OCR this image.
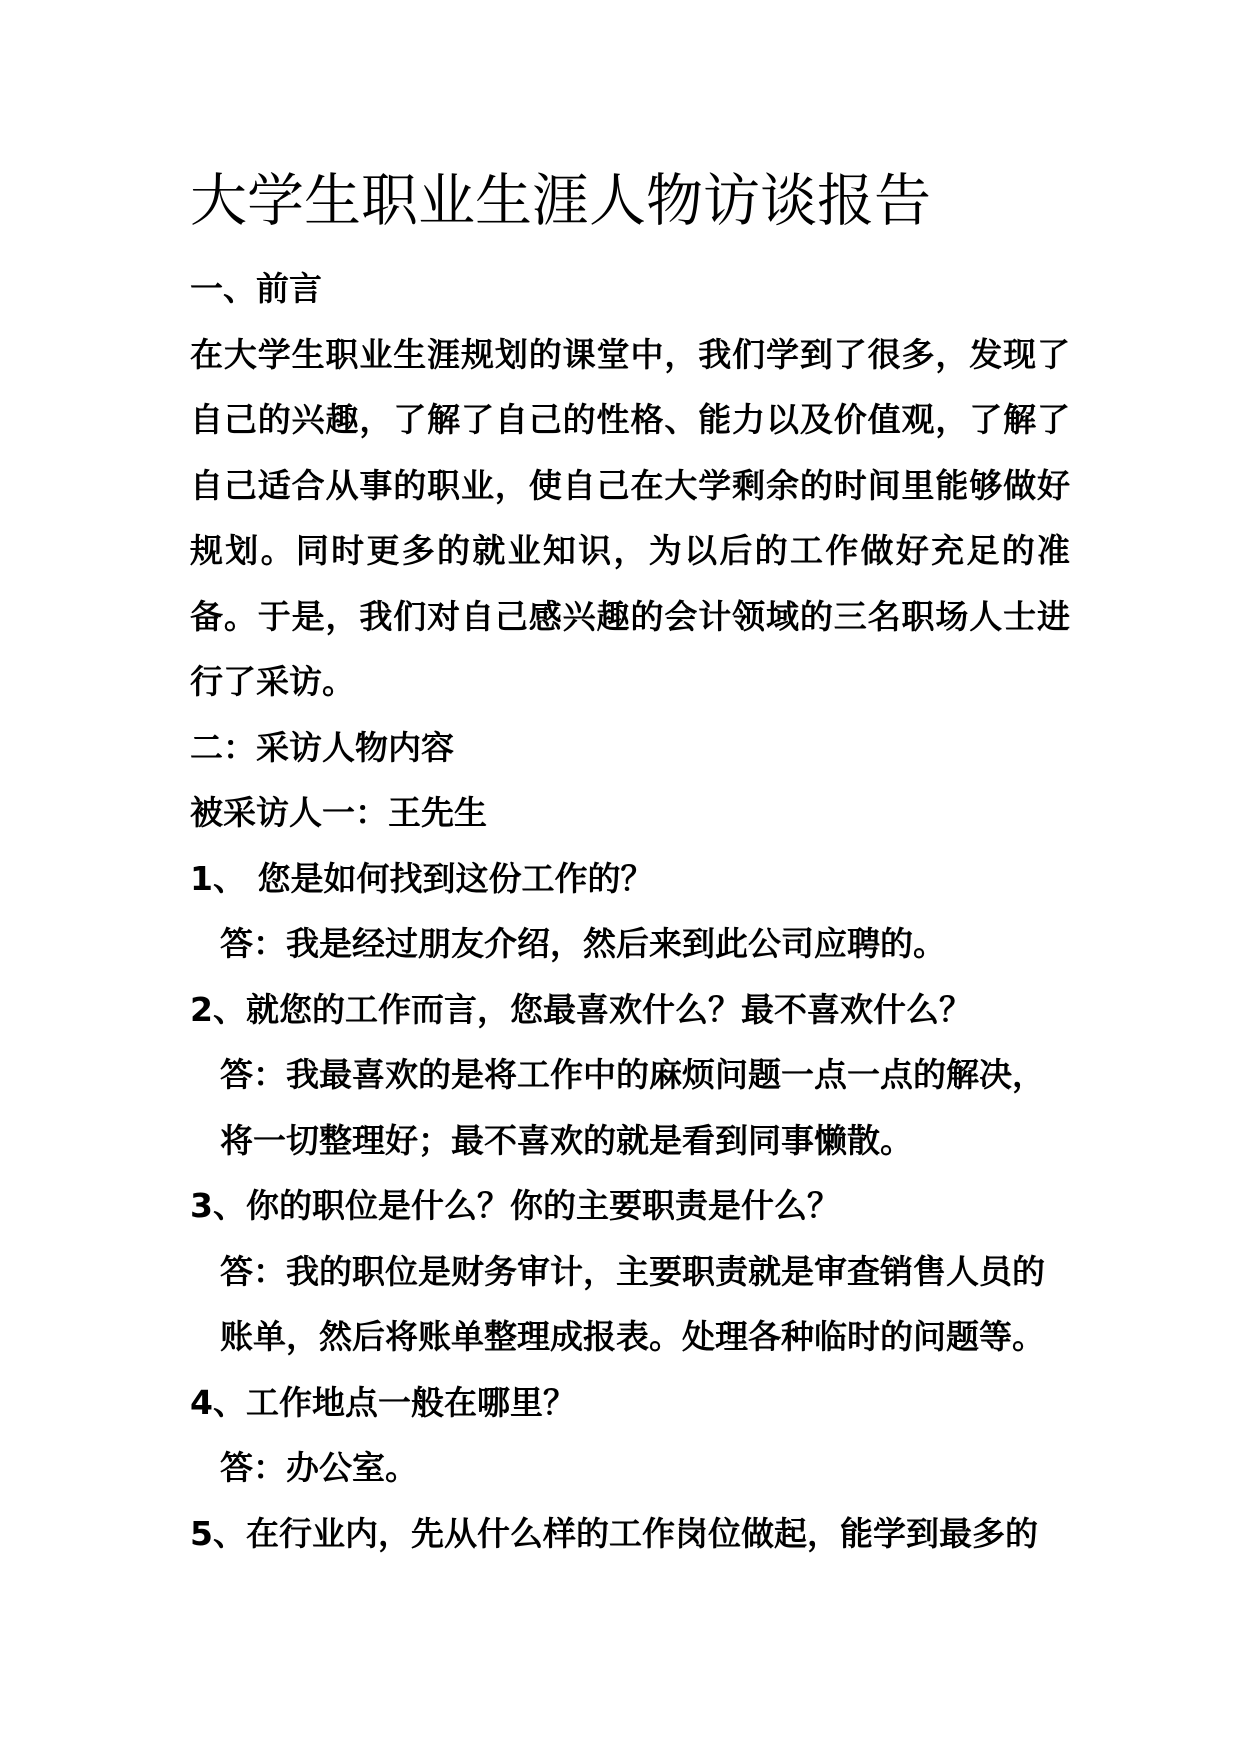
大学生职业生涯人物访谈报告

一、前言

在大学生职业生涯规划的课堂中，我们学到了很多，发现了自己的兴趣，了解了自己的性格、能力以及价值观，了解了自己适合从事的职业，使自己在大学剩余的时间里能够做好规划。同时更多的就业知识，为以后的工作做好充足的准备。于是，我们对自己感兴趣的会计领域的三名职场人士进行了采访。

二：采访人物内容

被采访人一：王先生

1、 您是如何找到这份工作的？

答：我是经过朋友介绍，然后来到此公司应聘的。

2、就您的工作而言，您最喜欢什么？最不喜欢什么？

答：我最喜欢的是将工作中的麻烦问题一点一点的解决，将一切整理好；最不喜欢的就是看到同事懒散。

3、你的职位是什么？你的主要职责是什么？

答：我的职位是财务审计，主要职责就是审查销售人员的账单，然后将账单整理成报表。处理各种临时的问题等。

4、工作地点一般在哪里？

答：办公室。

5、在行业内，先从什么样的工作岗位做起，能学到最多的
